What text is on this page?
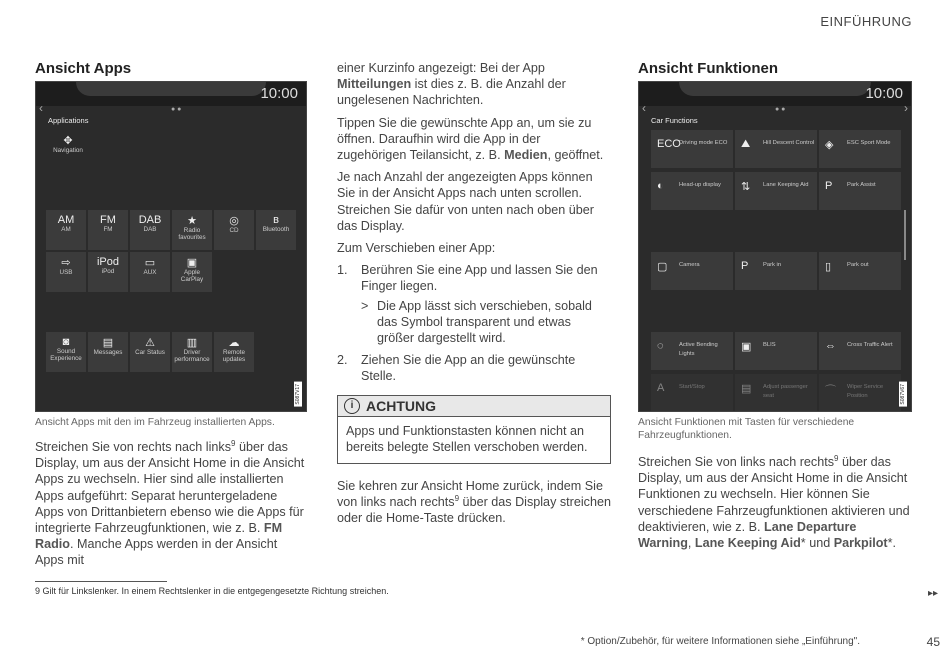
EINFÜHRUNG
Ansicht Apps
10:00
‹	● ●
Applications
✥
Navigation
AM
AM
FM
FM
DAB
DAB
★
Radio favourites
◎
CD
ʙ
Bluetooth
⇨
USB
iPod
iPod
▭
AUX
▣
Apple CarPlay
◙
Sound Experience
▤
Messages
⚠
Car Status
▥
Driver performance
☁
Remote updates
S087V17
Ansicht Apps mit den im Fahrzeug installierten Apps.

Streichen Sie von rechts nach links$^9$ über das Display, um aus der Ansicht Home in die Ansicht Apps zu wechseln. Hier sind alle installierten Apps aufgeführt: Separat heruntergeladene Apps von Drittanbietern ebenso wie die Apps für integrierte Fahrzeugfunktionen, wie z. B. FM Radio. Manche Apps werden in der Ansicht Apps mit

einer Kurzinfo angezeigt: Bei der App Mitteilungen ist dies z. B. die Anzahl der ungelesenen Nachrichten.

Tippen Sie die gewünschte App an, um sie zu öffnen. Daraufhin wird die App in der zugehörigen Teilansicht, z. B. Medien, geöffnet.

Je nach Anzahl der angezeigten Apps können Sie in der Ansicht Apps nach unten scrollen. Streichen Sie dafür von unten nach oben über das Display.

Zum Verschieben einer App:

1.	Berühren Sie eine App und lassen Sie den Finger liegen.
> Die App lässt sich verschieben, sobald das Symbol transparent und etwas größer dargestellt wird.
2.	Ziehen Sie die App an die gewünschte Stelle.
i ACHTUNG
Apps und Funktionstasten können nicht an bereits belegte Stellen verschoben werden.

Sie kehren zur Ansicht Home zurück, indem Sie von links nach rechts$^9$ über das Display streichen oder die Home-Taste drücken.

Ansicht Funktionen
10:00
‹	›
● ●
Car Functions
ECO
Driving mode ECO ⛰ Hill Descent Control ◈ ESC Sport Mode
◐	Head-up display ⇅ Lane Keeping Aid P	Park Assist
▢ Camera	P	Park in	▯	Park out
◌	Active Bending Lights
▣ BLIS	⇔ Cross Traffic Alert
A	Start/Stop	▤ Adjust passenger seat	⌒ Wiper Service Position	S087V67
Ansicht Funktionen mit Tasten für verschiedene Fahrzeugfunktionen.

Streichen Sie von links nach rechts$^9$ über das Display, um aus der Ansicht Home in die Ansicht Funktionen zu wechseln. Hier können Sie verschiedene Fahrzeugfunktionen aktivieren und deaktivieren, wie z. B. Lane Departure Warning, Lane Keeping Aid* und Parkpilot*.

9 Gilt für Linkslenker. In einem Rechtslenker in die entgegengesetzte Richtung streichen.	▸▸
* Option/Zubehör, für weitere Informationen siehe „Einführung".	45
